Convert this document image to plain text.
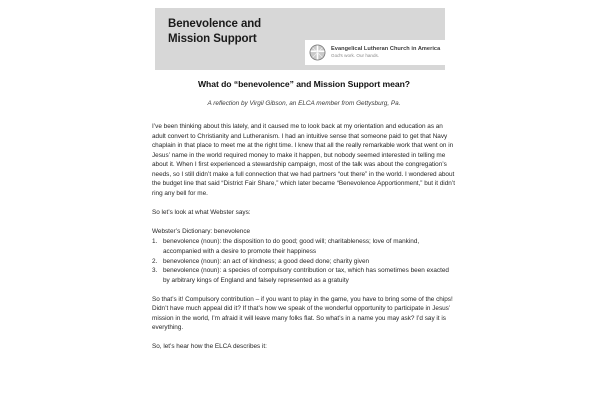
Benevolence and
Mission Support
Evangelical Lutheran Church in America
God's work. Our hands.
What do “benevolence” and Mission Support mean?

A reflection by Virgil Gibson, an ELCA member from Gettysburg, Pa.

I’ve been thinking about this lately, and it caused me to look back at my orientation and education as an adult convert to Christianity and Lutheranism. I had an intuitive sense that someone paid to get that Navy chaplain in that place to meet me at the right time. I knew that all the really remarkable work that went on in Jesus’ name in the world required money to make it happen, but nobody seemed interested in telling me about it. When I first experienced a stewardship campaign, most of the talk was about the congregation’s needs, so I still didn’t make a full connection that we had partners “out there” in the world. I wondered about the budget line that said “District Fair Share,” which later became “Benevolence Apportionment,” but it didn’t ring any bell for me.

So let’s look at what Webster says:

Webster’s Dictionary: benevolence

1. benevolence (noun): the disposition to do good; good will; charitableness; love of mankind, accompanied with a desire to promote their happiness
2. benevolence (noun): an act of kindness; a good deed done; charity given
3. benevolence (noun): a species of compulsory contribution or tax, which has sometimes been exacted by arbitrary kings of England and falsely represented as a gratuity

So that’s it! Compulsory contribution – if you want to play in the game, you have to bring some of the chips! Didn’t have much appeal did it? If that’s how we speak of the wonderful opportunity to participate in Jesus’ mission in the world, I’m afraid it will leave many folks flat. So what’s in a name you may ask? I’d say it is everything.

So, let’s hear how the ELCA describes it:
